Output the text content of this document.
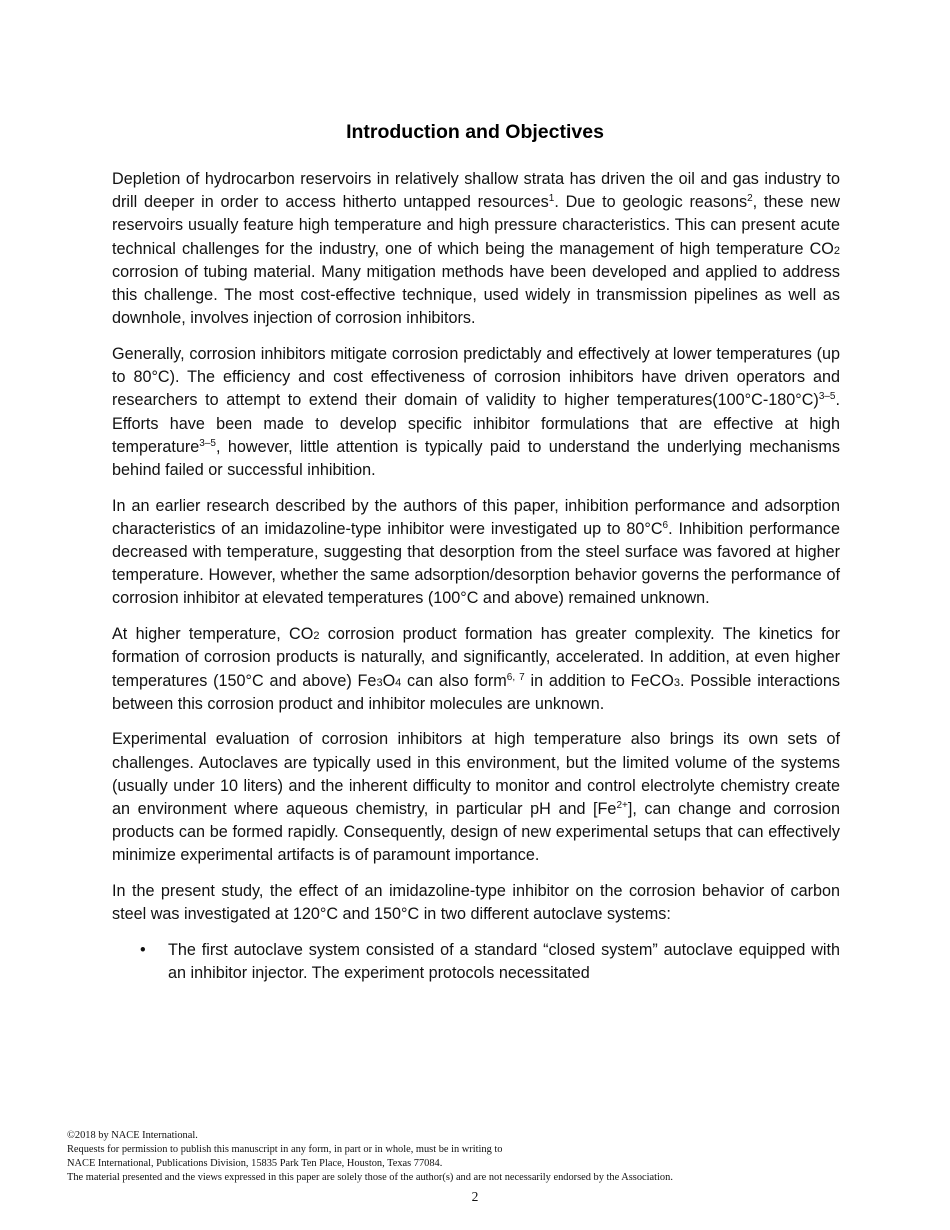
Introduction and Objectives

Depletion of hydrocarbon reservoirs in relatively shallow strata has driven the oil and gas industry to drill deeper in order to access hitherto untapped resources$^1$. Due to geologic reasons$^2$, these new reservoirs usually feature high temperature and high pressure characteristics. This can present acute technical challenges for the industry, one of which being the management of high temperature CO2 corrosion of tubing material. Many mitigation methods have been developed and applied to address this challenge. The most cost-effective technique, used widely in transmission pipelines as well as downhole, involves injection of corrosion inhibitors.

Generally, corrosion inhibitors mitigate corrosion predictably and effectively at lower temperatures (up to 80°C). The efficiency and cost effectiveness of corrosion inhibitors have driven operators and researchers to attempt to extend their domain of validity to higher $temperatures(100^\circ C-180^\circ C)^{3-5}$. Efforts have been made to develop specific inhibitor formulations that are effective at high temperature$^{3-5}$, however, little attention is typically paid to understand the underlying mechanisms behind failed or successful inhibition.

In an earlier research described by the authors of this paper, inhibition performance and adsorption characteristics of an imidazoline-type inhibitor were investigated up to $80^\circ C^6$. Inhibition performance decreased with temperature, suggesting that desorption from the steel surface was favored at higher temperature. However, whether the same adsorption/desorption behavior governs the performance of corrosion inhibitor at elevated temperatures (100°C and above) remained unknown.

At higher temperature, CO2 corrosion product formation has greater complexity. The kinetics for formation of corrosion products is naturally, and significantly, accelerated. In addition, at even higher temperatures (150°C and above) Fe3O4 can also form$^{6, 7}$ in addition to FeCO3. Possible interactions between this corrosion product and inhibitor molecules are unknown.

Experimental evaluation of corrosion inhibitors at high temperature also brings its own sets of challenges. Autoclaves are typically used in this environment, but the limited volume of the systems (usually under 10 liters) and the inherent difficulty to monitor and control electrolyte chemistry create an environment where aqueous chemistry, in particular pH and $[Fe^{2+}]$, can change and corrosion products can be formed rapidly. Consequently, design of new experimental setups that can effectively minimize experimental artifacts is of paramount importance.

In the present study, the effect of an imidazoline-type inhibitor on the corrosion behavior of carbon steel was investigated at 120°C and 150°C in two different autoclave systems:

• The first autoclave system consisted of a standard “closed system” autoclave equipped with an inhibitor injector. The experiment protocols necessitated
©2018 by NACE International.
Requests for permission to publish this manuscript in any form, in part or in whole, must be in writing to
NACE International, Publications Division, 15835 Park Ten Place, Houston, Texas 77084.
The material presented and the views expressed in this paper are solely those of the author(s) and are not necessarily endorsed by the Association.
2
